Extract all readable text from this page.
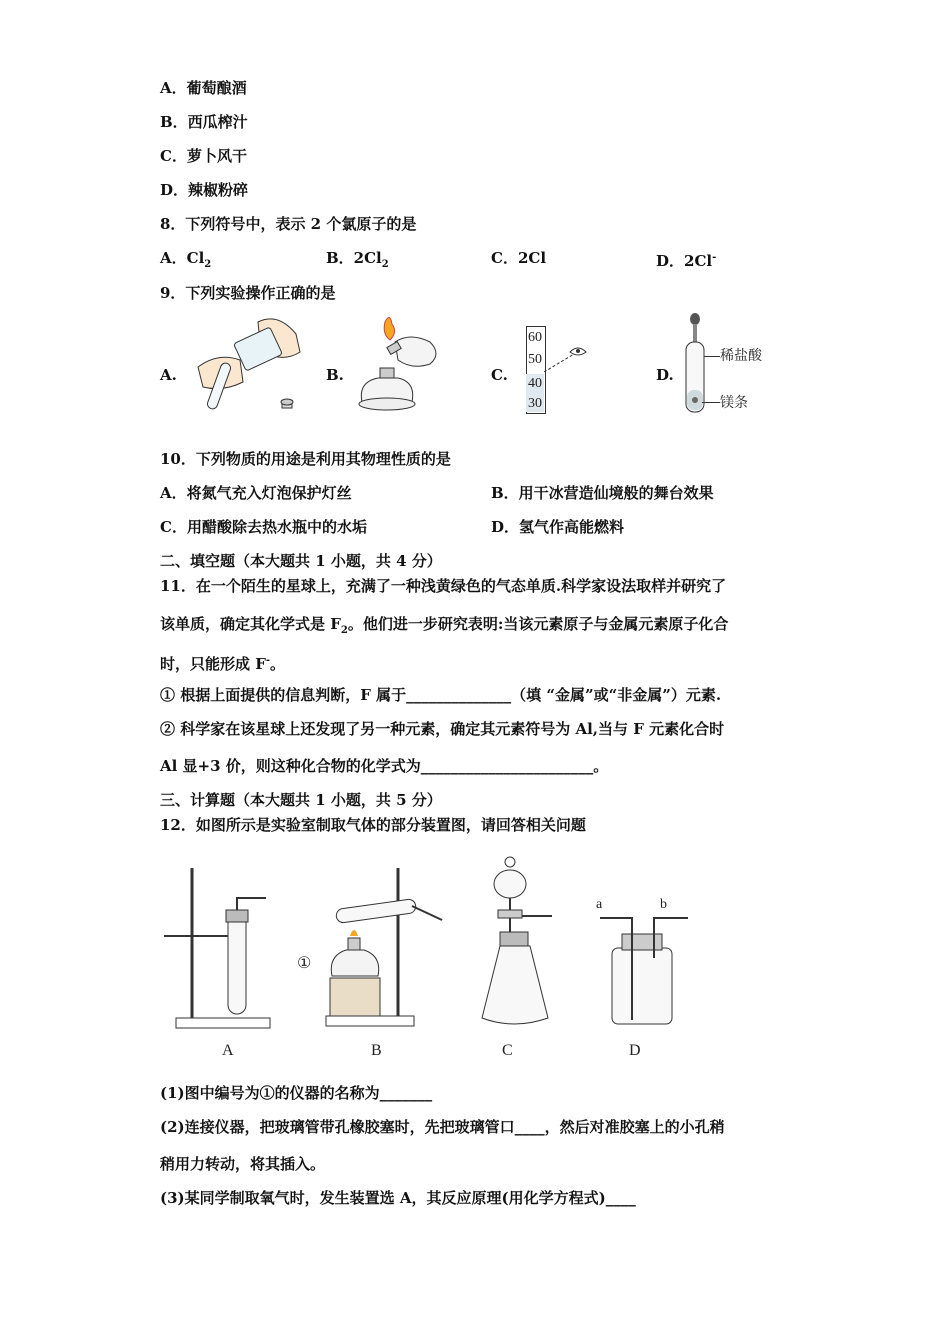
A．葡萄酿酒
B．西瓜榨汁
C．萝卜风干
D．辣椒粉碎
8．下列符号中，表示 2 个氯原子的是
A．$Cl_2$	B．$2Cl_2$	C．2Cl	D．2Cl-
9．下列实验操作正确的是
A.	B.	C.	D.
60
50
40
30
稀盐酸
镁条
10．下列物质的用途是利用其物理性质的是
A．将氮气充入灯泡保护灯丝	B．用干冰营造仙境般的舞台效果
C．用醋酸除去热水瓶中的水垢	D．氢气作高能燃料
二、填空题（本大题共 1 小题，共 4 分）
11．在一个陌生的星球上，充满了一种浅黄绿色的气态单质.科学家设法取样并研究了
该单质，确定其化学式是 $F_2$。他们进一步研究表明:当该元素原子与金属元素原子化合
时，只能形成 F-。
① 根据上面提供的信息判断，F 属于______________（填 “金属”或“非金属”）元素.
② 科学家在该星球上还发现了另一种元素，确定其元素符号为 Al,当与 F 元素化合时
Al 显+3 价，则这种化合物的化学式为_______________________。
三、计算题（本大题共 1 小题，共 5 分）
12．如图所示是实验室制取气体的部分装置图，请回答相关问题
A	B	C	D
①
a	b
(1)图中编号为①的仪器的名称为_______
(2)连接仪器，把玻璃管带孔橡胶塞时，先把玻璃管口____，然后对准胶塞上的小孔稍
稍用力转动，将其插入。
(3)某同学制取氧气时，发生装置选 A，其反应原理(用化学方程式)____
